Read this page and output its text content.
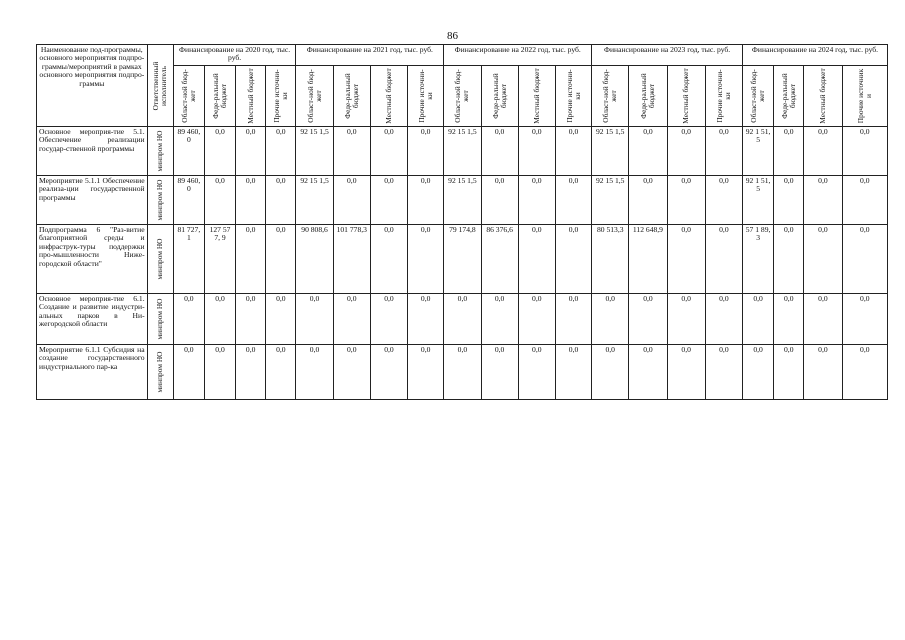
86
Наименование под-программы, основного мероприятия подпро-граммы/мероприятий в рамках основного мероприятия подпро-граммы	Ответственный исполнитель	Финансирование на 2020 год, тыс. руб.				Финансирование на 2021 год, тыс. руб.				Финансирование на 2022 год, тыс. руб.				Финансирование на 2023 год, тыс. руб.				Финансирование на 2024 год, тыс. руб.			

		Област-ной бюд-жет	Феде-ральный бюджет	Местный бюджет	Прочие источни-ки	Област-ной бюд-жет	Феде-ральный бюджет	Местный бюджет	Прочие источни-ки	Област-ной бюд-жет	Феде-ральный бюджет	Местный бюджет	Прочие источни-ки	Област-ной бюд-жет	Феде-ральный бюджет	Местный бюджет	Прочие источни-ки	Област-ной бюд-жет	Феде-ральный бюджет	Местный бюджет	Прочие источник и

Основное мероприя-тие 5.1. Обеспечение реализации государ-ственной программы	минпром НО	89 460, 0	0,0	0,0	0,0	92 15 1,5	0,0	0,0	0,0	92 15 1,5	0,0	0,0	0,0	92 15 1,5	0,0	0,0	0,0	92 1 51,5	0,0	0,0	0,0
Мероприятие 5.1.1 Обеспечение реализа-ции государственной программы	минпром НО	89 460, 0	0,0	0,0	0,0	92 15 1,5	0,0	0,0	0,0	92 15 1,5	0,0	0,0	0,0	92 15 1,5	0,0	0,0	0,0	92 1 51,5	0,0	0,0	0,0
Подпрограмма 6 "Раз-витие благоприятной среды и инфраструк-туры поддержки про-мышленности Ниже-городской области"	минпром НО	81 727, 1	127 577, 9	0,0	0,0	90 808,6	101 778,3	0,0	0,0	79 174,8	86 376,6	0,0	0,0	80 513,3	112 648,9	0,0	0,0	57 1 89,3	0,0	0,0	0,0
Основное мероприя-тие 6.1. Создание и развитие индустри-альных парков в Ни-жегородской области	минпром НО	0,0	0,0	0,0	0,0	0,0	0,0	0,0	0,0	0,0	0,0	0,0	0,0	0,0	0,0	0,0	0,0	0,0	0,0	0,0	0,0
Мероприятие 6.1.1 Субсидия на создание государственного индустриального пар-ка	минпром НО	0,0	0,0	0,0	0,0	0,0	0,0	0,0	0,0	0,0	0,0	0,0	0,0	0,0	0,0	0,0	0,0	0,0	0,0	0,0	0,0
